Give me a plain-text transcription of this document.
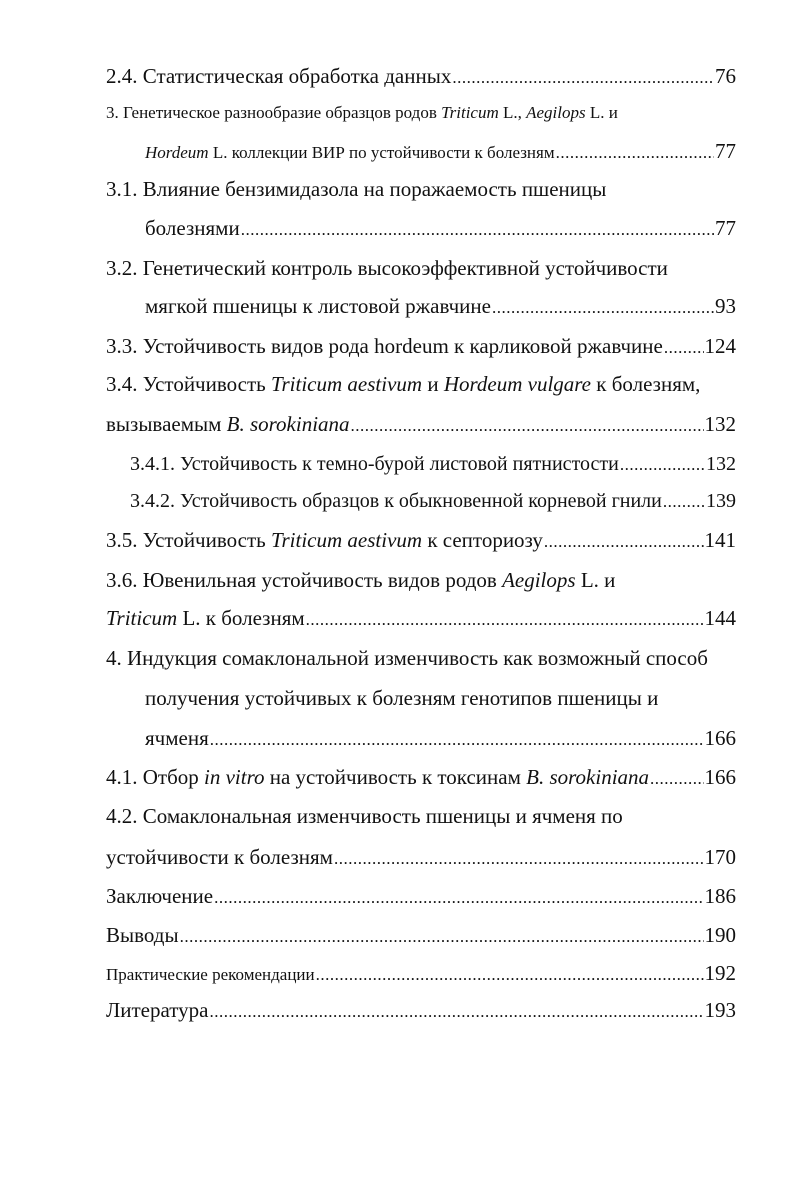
2.4. Статистическая обработка данных .....	76
3. Генетическое разнообразие образцов родов Triticum L., Aegilops L. и
Hordeum L. коллекции ВИР по устойчивости к болезням .....	77
3.1. Влияние бензимидазола на поражаемость пшеницы
болезнями .....	77
3.2. Генетический контроль высокоэффективной устойчивости
мягкой пшеницы к листовой ржавчине .....	93
3.3. Устойчивость видов рода hordeum к карликовой ржавчине ..... 124
3.4. Устойчивость Triticum aestivum и Hordeum vulgare к болезням,
вызываемым B. sorokiniana .....	132
3.4.1. Устойчивость к темно-бурой листовой пятнистости .....	132
3.4.2. Устойчивость образцов к обыкновенной корневой гнили ..... 139
3.5. Устойчивость Triticum aestivum к септориозу .....	141
3.6. Ювенильная устойчивость видов родов Aegilops L. и
Triticum L. к болезням .....	144
4. Индукция сомаклональной изменчивость как возможный способ
получения устойчивых к болезням генотипов пшеницы и
ячменя .....	166
4.1. Отбор in vitro на устойчивость к токсинам B. sorokiniana .....	166
4.2. Сомаклональная изменчивость пшеницы и ячменя по
устойчивости к болезням .....	170
Заключение .....	186
Выводы .....	190
Практические рекомендации .....	192
Литература .....	193
